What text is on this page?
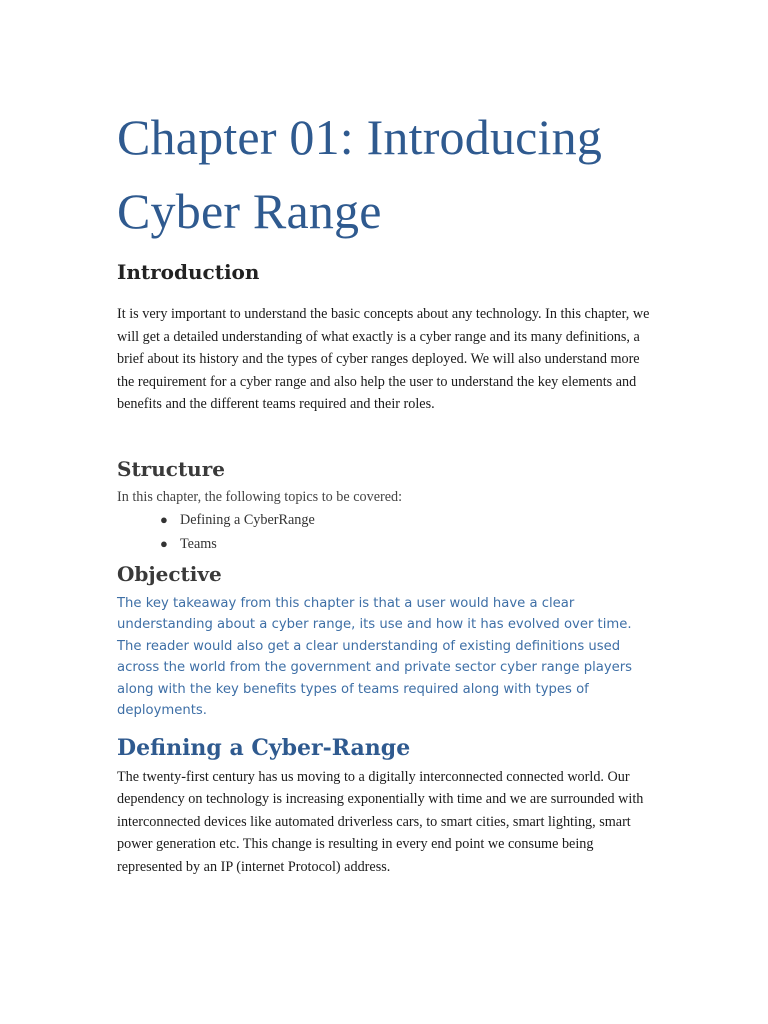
Chapter 01: Introducing Cyber Range
Introduction

It is very important to understand the basic concepts about any technology. In this chapter, we will get a detailed understanding of what exactly is a cyber range and its many definitions, a brief about its history and the types of cyber ranges deployed. We will also understand more the requirement for a cyber range and also help the user to understand the key elements and benefits and the different teams required and their roles.

Structure

In this chapter, the following topics to be covered:

● Defining a CyberRange
● Teams
Objective

The key takeaway from this chapter is that a user would have a clear understanding about a cyber range, its use and how it has evolved over time. The reader would also get a clear understanding of existing definitions used across the world from the government and private sector cyber range players along with the key benefits types of teams required along with types of deployments.

Defining a Cyber-Range

The twenty-first century has us moving to a digitally interconnected connected world. Our dependency on technology is increasing exponentially with time and we are surrounded with interconnected devices like automated driverless cars, to smart cities, smart lighting, smart power generation etc. This change is resulting in every end point we consume being represented by an IP (internet Protocol) address.
